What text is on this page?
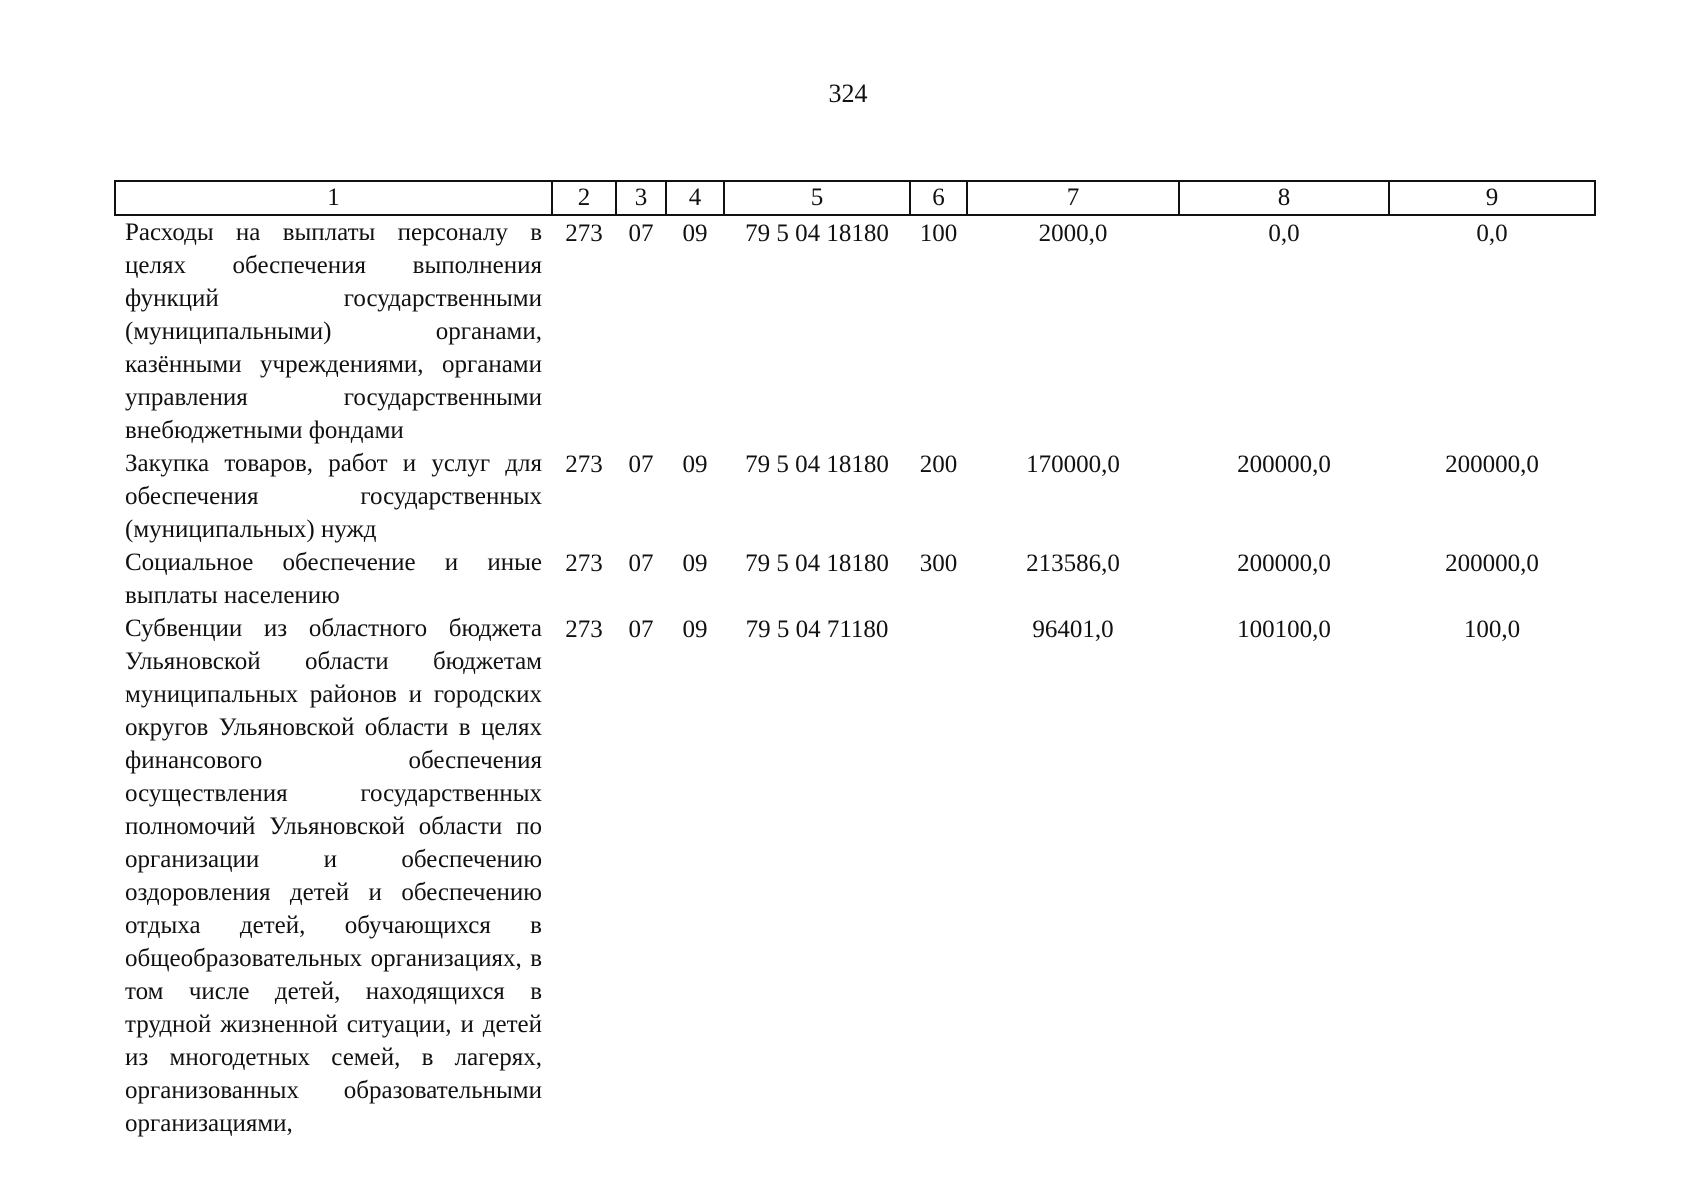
324
1	2	3	4	5	6	7	8	9
Расходы на выплаты персоналу в целях обеспечения выполнения функций государственными (муниципальными) органами, казёнными учреждениями, органами управления государственными внебюджетными фондами	273	07	09	79 5 04 18180	100	2000,0	0,0	0,0
Закупка товаров, работ и услуг для обеспечения государственных (муниципальных) нужд	273	07	09	79 5 04 18180	200	170000,0	200000,0	200000,0
Социальное обеспечение и иные выплаты населению	273	07	09	79 5 04 18180	300	213586,0	200000,0	200000,0
Субвенции из областного бюджета Ульяновской области бюджетам муниципальных районов и городских округов Ульяновской области в целях финансового обеспечения осуществления государственных полномочий Ульяновской области по организации и обеспечению оздоровления детей и обеспечению отдыха детей, обучающихся в общеобразовательных организациях, в том числе детей, находящихся в трудной жизненной ситуации, и детей из многодетных семей, в лагерях, организованных образовательными организациями,	273	07	09	79 5 04 71180		96401,0	100100,0	100,0
